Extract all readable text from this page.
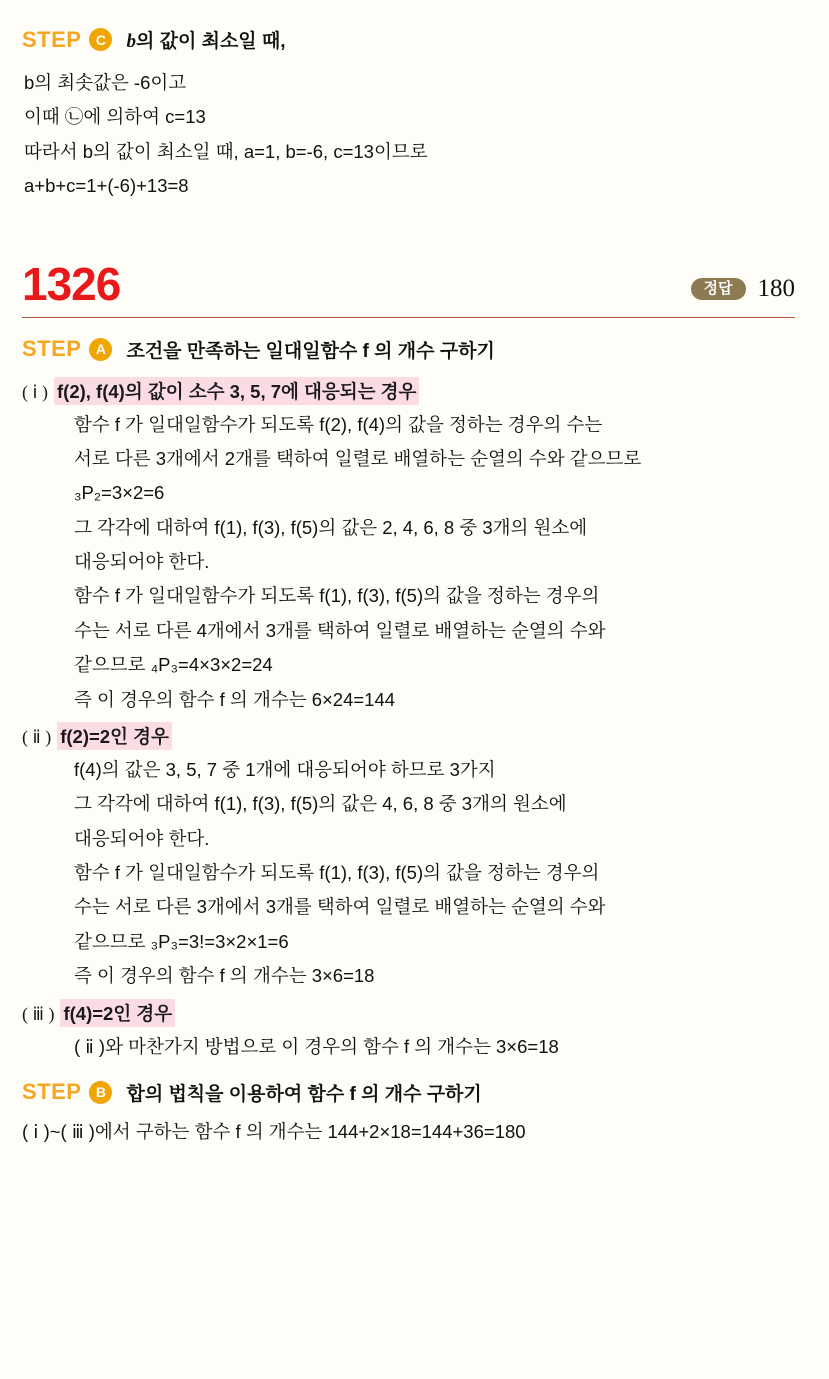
STEP	C	b의 값이 최소일 때,

b의 최솟값은 -6이고

이때 ㉡에 의하여 c=13

따라서 b의 값이 최소일 때, a=1, b=-6, c=13이므로

a+b+c=1+(-6)+13=8

1326	정답	180
STEP	A	조건을 만족하는 일대일함수 f 의 개수 구하기
( ⅰ ) f(2), f(4)의 값이 소수 3, 5, 7에 대응되는 경우

함수 f 가 일대일함수가 되도록 f(2), f(4)의 값을 정하는 경우의 수는

서로 다른 3개에서 2개를 택하여 일렬로 배열하는 순열의 수와 같으므로

₃P₂=3×2=6

그 각각에 대하여 f(1), f(3), f(5)의 값은 2, 4, 6, 8 중 3개의 원소에

대응되어야 한다.

함수 f 가 일대일함수가 되도록 f(1), f(3), f(5)의 값을 정하는 경우의

수는 서로 다른 4개에서 3개를 택하여 일렬로 배열하는 순열의 수와

같으므로 ₄P₃=4×3×2=24

즉 이 경우의 함수 f 의 개수는 6×24=144

( ⅱ ) f(2)=2인 경우

f(4)의 값은 3, 5, 7 중 1개에 대응되어야 하므로 3가지

그 각각에 대하여 f(1), f(3), f(5)의 값은 4, 6, 8 중 3개의 원소에

대응되어야 한다.

함수 f 가 일대일함수가 되도록 f(1), f(3), f(5)의 값을 정하는 경우의

수는 서로 다른 3개에서 3개를 택하여 일렬로 배열하는 순열의 수와

같으므로 ₃P₃=3!=3×2×1=6

즉 이 경우의 함수 f 의 개수는 3×6=18

( ⅲ ) f(4)=2인 경우

( ⅱ )와 마찬가지 방법으로 이 경우의 함수 f 의 개수는 3×6=18

STEP	B	합의 법칙을 이용하여 함수 f 의 개수 구하기

( ⅰ )~( ⅲ )에서 구하는 함수 f 의 개수는 144+2×18=144+36=180
